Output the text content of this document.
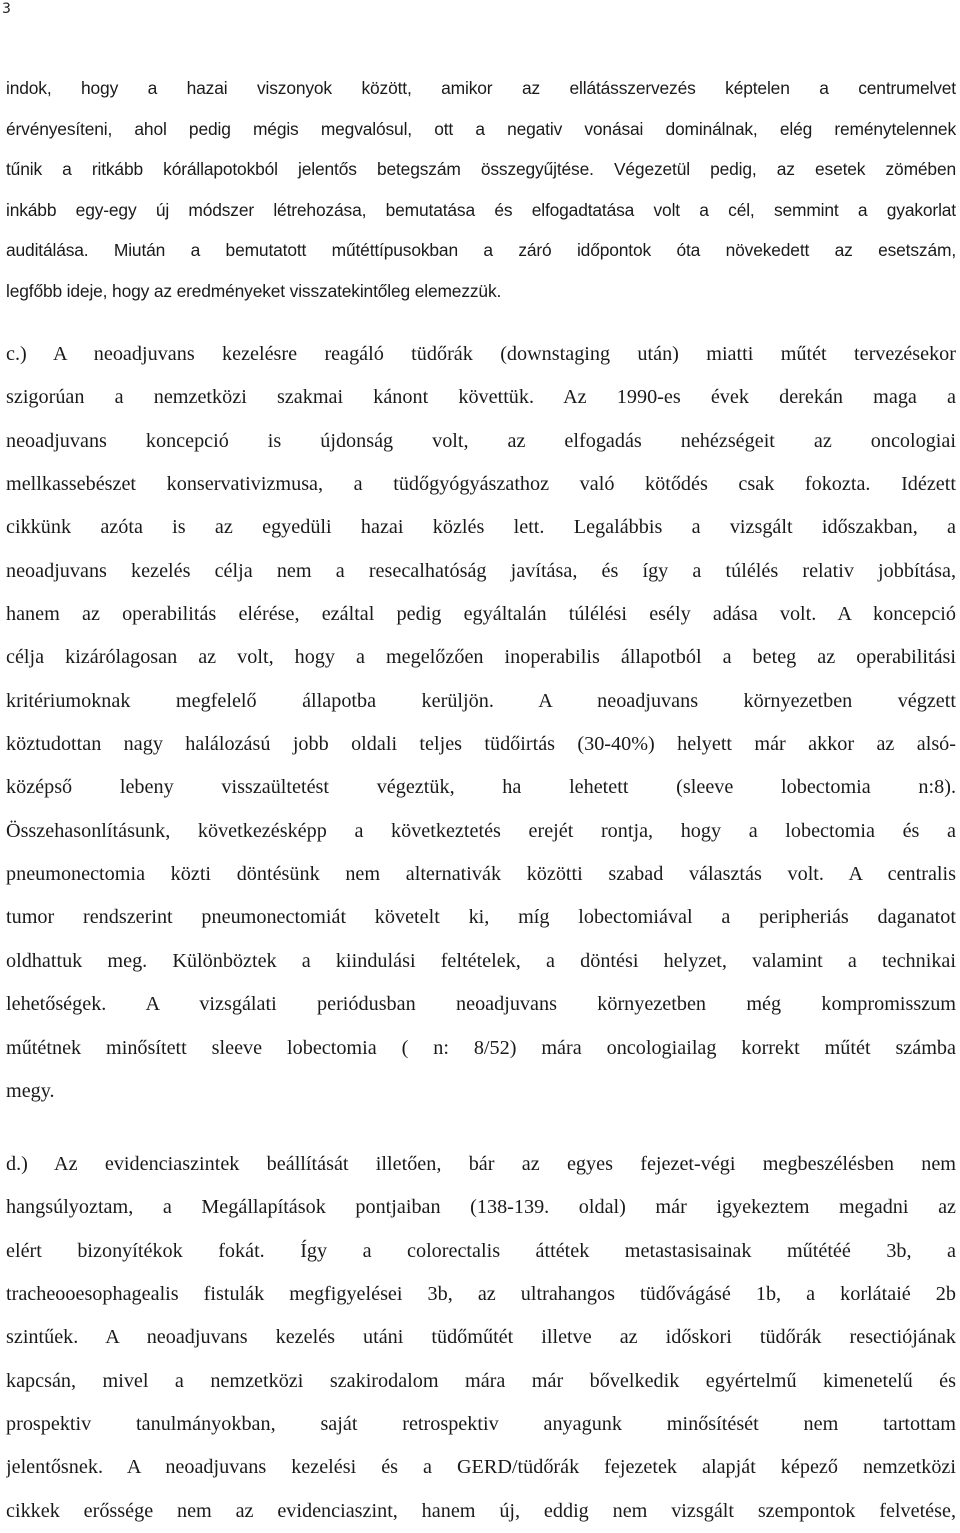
3
indok, hogy a hazai viszonyok között, amikor az ellátásszervezés képtelen a centrumelvet
érvényesíteni, ahol pedig mégis megvalósul, ott a negativ vonásai dominálnak, elég reménytelennek
tűnik a ritkább kórállapotokból jelentős betegszám összegyűjtése. Végezetül pedig, az esetek zömében
inkább egy-egy új módszer létrehozása, bemutatása és elfogadtatása volt a cél, semmint a gyakorlat
auditálása. Miután a bemutatott műtéttípusokban a záró időpontok óta növekedett az esetszám,
legfőbb ideje, hogy az eredményeket visszatekintőleg elemezzük.
c.) A neoadjuvans kezelésre reagáló tüdőrák (downstaging után) miatti műtét tervezésekor
szigorúan a nemzetközi szakmai kánont követtük. Az 1990-es évek derekán maga a
neoadjuvans koncepció is újdonság volt, az elfogadás nehézségeit az oncologiai
mellkassebészet konservativizmusa, a tüdőgyógyászathoz való kötődés csak fokozta. Idézett
cikkünk azóta is az egyedüli hazai közlés lett. Legalábbis a vizsgált időszakban, a
neoadjuvans kezelés célja nem a resecalhatóság javítása, és így a túlélés relativ jobbítása,
hanem az operabilitás elérése, ezáltal pedig egyáltalán túlélési esély adása volt. A koncepció
célja kizárólagosan az volt, hogy a megelőzően inoperabilis állapotból a beteg az operabilitási
kritériumoknak megfelelő állapotba kerüljön. A neoadjuvans környezetben végzett
köztudottan nagy halálozású jobb oldali teljes tüdőirtás (30-40%) helyett már akkor az alsó-
középső lebeny visszaültetést végeztük, ha lehetett (sleeve lobectomia n:8).
Összehasonlításunk, következésképp a következtetés erejét rontja, hogy a lobectomia és a
pneumonectomia közti döntésünk nem alternativák közötti szabad választás volt. A centralis
tumor rendszerint pneumonectomiát követelt ki, míg lobectomiával a peripheriás daganatot
oldhattuk meg. Különböztek a kiindulási feltételek, a döntési helyzet, valamint a technikai
lehetőségek. A vizsgálati periódusban neoadjuvans környezetben még kompromisszum
műtétnek minősített sleeve lobectomia ( n: 8/52) mára oncologiailag korrekt műtét számba
megy.
d.) Az evidenciaszintek beállítását illetően, bár az egyes fejezet-végi megbeszélésben nem
hangsúlyoztam, a Megállapítások pontjaiban (138-139. oldal) már igyekeztem megadni az
elért bizonyítékok fokát. Így a colorectalis áttétek metastasisainak műtétéé 3b, a
tracheooesophagealis fistulák megfigyelései 3b, az ultrahangos tüdővágásé 1b, a korlátaié 2b
szintűek. A neoadjuvans kezelés utáni tüdőműtét illetve az időskori tüdőrák resectiójának
kapcsán, mivel a nemzetközi szakirodalom mára már bővelkedik egyértelmű kimenetelű és
prospektiv tanulmányokban, saját retrospektiv anyagunk minősítését nem tartottam
jelentősnek. A neoadjuvans kezelési és a GERD/tüdőrák fejezetek alapját képező nemzetközi
cikkek erőssége nem az evidenciaszint, hanem új, eddig nem vizsgált szempontok felvetése,
